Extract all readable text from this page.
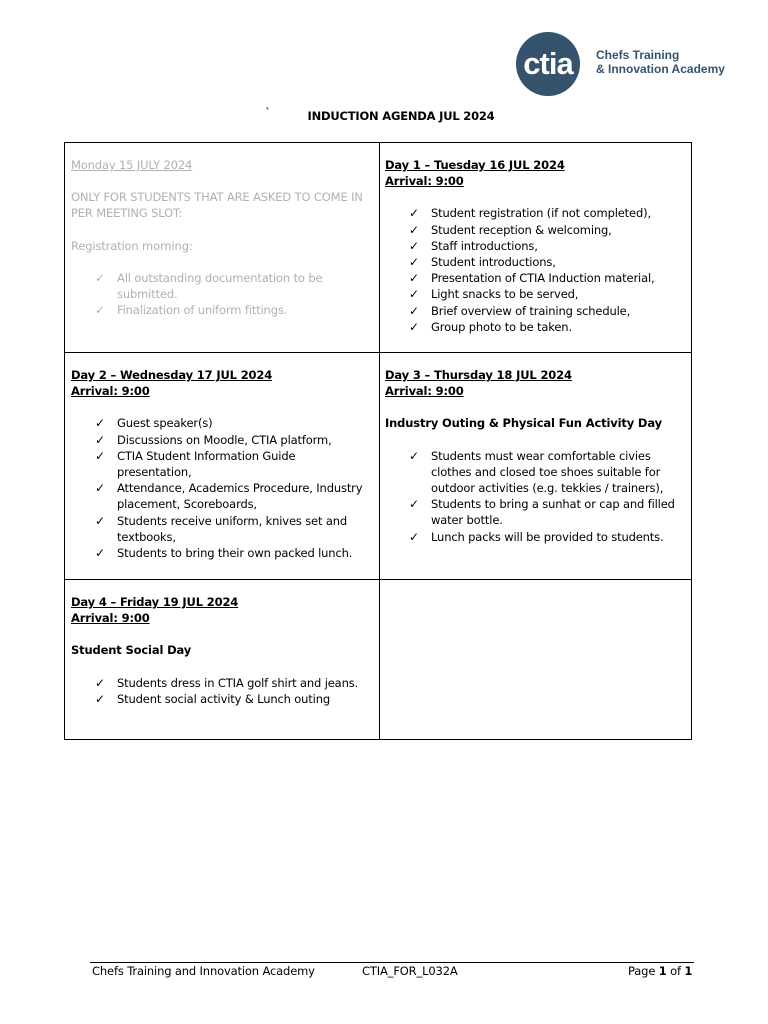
ctia	Chefs Training
& Innovation Academy
`	INDUCTION AGENDA JUL 2024

Monday 15 JULY 2024

ONLY FOR STUDENTS THAT ARE ASKED TO COME IN PER MEETING SLOT:

Registration morning:

✓ All outstanding documentation to be submitted.
✓ Finalization of uniform fittings.

Day 1 – Tuesday 16 JUL 2024

Arrival: 9:00

✓ Student registration (if not completed),
✓ Student reception & welcoming,
✓ Staff introductions,
✓ Student introductions,
✓ Presentation of CTIA Induction material,
✓ Light snacks to be served,
✓ Brief overview of training schedule,
✓ Group photo to be taken.

Day 2 – Wednesday 17 JUL 2024

Arrival: 9:00

✓ Guest speaker(s)
✓ Discussions on Moodle, CTIA platform,
✓ CTIA Student Information Guide presentation,
✓ Attendance, Academics Procedure, Industry placement, Scoreboards,
✓ Students receive uniform, knives set and textbooks,
✓ Students to bring their own packed lunch.

Day 3 – Thursday 18 JUL 2024

Arrival: 9:00

Industry Outing & Physical Fun Activity Day

✓ Students must wear comfortable civies clothes and closed toe shoes suitable for outdoor activities (e.g. tekkies / trainers),
✓ Students to bring a sunhat or cap and filled water bottle.
✓ Lunch packs will be provided to students.

Day 4 – Friday 19 JUL 2024

Arrival: 9:00

Student Social Day

✓ Students dress in CTIA golf shirt and jeans.
✓ Student social activity & Lunch outing
Chefs Training and Innovation Academy	CTIA_FOR_L032A	Page 1 of 1
